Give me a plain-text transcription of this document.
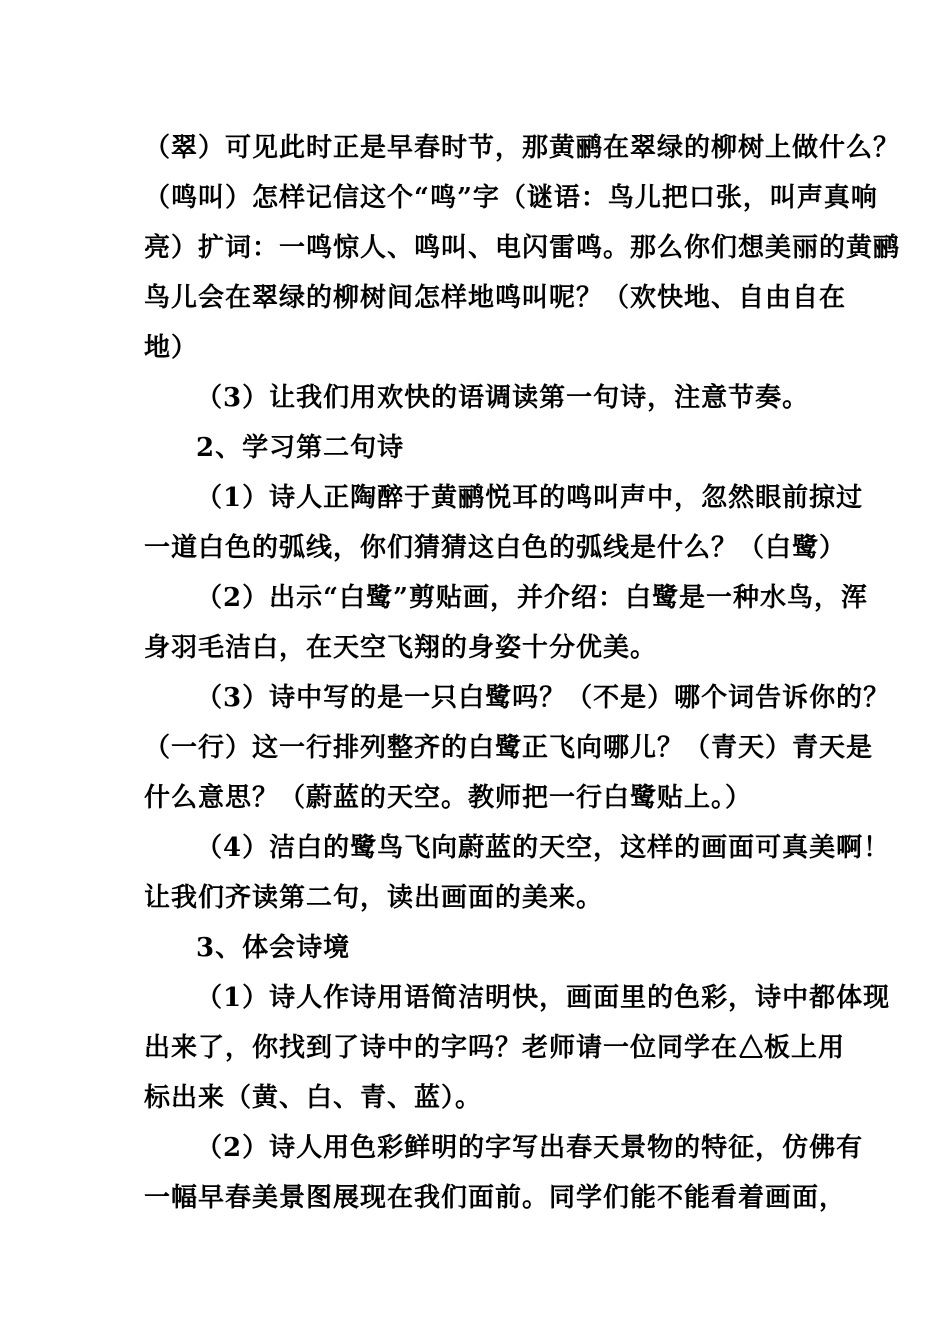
（翠）可见此时正是早春时节，那黄鹂在翠绿的柳树上做什么？
（鸣叫）怎样记信这个“鸣”字（谜语：鸟儿把口张，叫声真响
亮）扩词：一鸣惊人、鸣叫、电闪雷鸣。那么你们想美丽的黄鹂
鸟儿会在翠绿的柳树间怎样地鸣叫呢？（欢快地、自由自在
地）
（3）让我们用欢快的语调读第一句诗，注意节奏。
2、学习第二句诗
（1）诗人正陶醉于黄鹂悦耳的鸣叫声中，忽然眼前掠过
一道白色的弧线，你们猜猜这白色的弧线是什么？（白鹭）
（2）出示“白鹭”剪贴画，并介绍：白鹭是一种水鸟，浑
身羽毛洁白，在天空飞翔的身姿十分优美。
（3）诗中写的是一只白鹭吗？（不是）哪个词告诉你的？
（一行）这一行排列整齐的白鹭正飞向哪儿？（青天）青天是
什么意思？（蔚蓝的天空。教师把一行白鹭贴上。）
（4）洁白的鹭鸟飞向蔚蓝的天空，这样的画面可真美啊！
让我们齐读第二句，读出画面的美来。
3、体会诗境
（1）诗人作诗用语简洁明快，画面里的色彩，诗中都体现
出来了，你找到了诗中的字吗？老师请一位同学在 板上用
标出来（黄、白、青、蓝）。
（2）诗人用色彩鲜明的字写出春天景物的特征，仿佛有
一幅早春美景图展现在我们面前。同学们能不能看着画面，
